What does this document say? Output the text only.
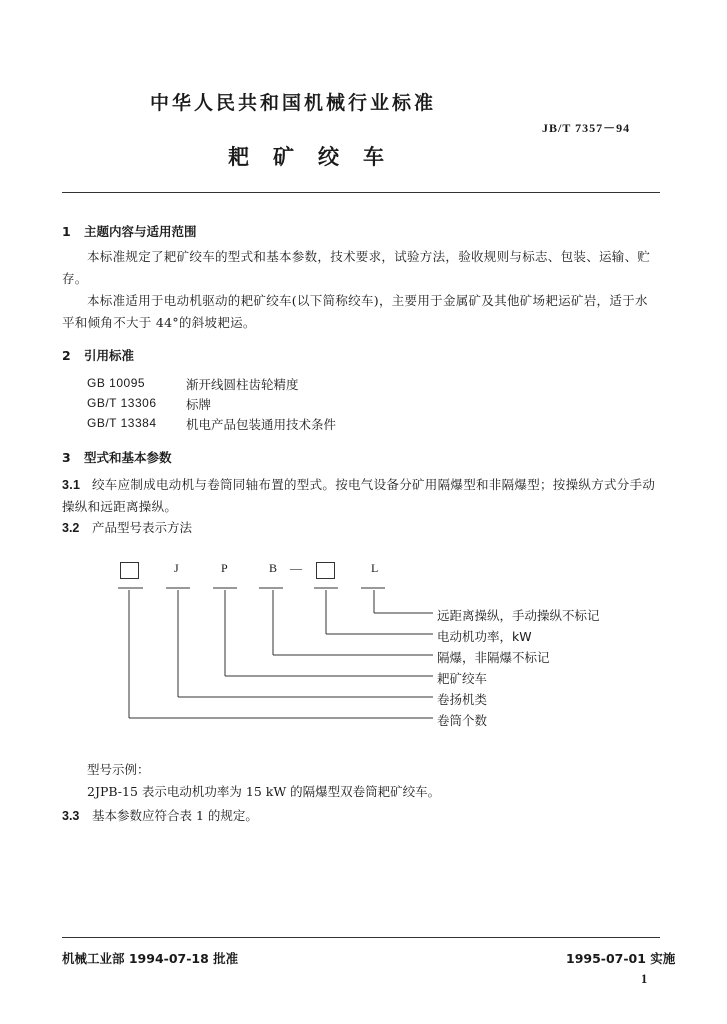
中华人民共和国机械行业标准
JB/T 7357－94
耙矿绞车
1 主题内容与适用范围
本标准规定了耙矿绞车的型式和基本参数，技术要求，试验方法，验收规则与标志、包装、运输、贮存。
本标准适用于电动机驱动的耙矿绞车(以下简称绞车)，主要用于金属矿及其他矿场耙运矿岩，适于水平和倾角不大于 44°的斜坡耙运。
2 引用标准
GB 10095	渐开线圆柱齿轮精度
GB/T 13306 标牌
GB/T 13384 机电产品包装通用技术条件
3 型式和基本参数
3.1 绞车应制成电动机与卷筒同轴布置的型式。按电气设备分矿用隔爆型和非隔爆型；按操纵方式分手动操纵和远距离操纵。
3.2 产品型号表示方法
J	P	B —	L
远距离操纵，手动操纵不标记
电动机功率，kW
隔爆，非隔爆不标记
耙矿绞车
卷扬机类
卷筒个数
型号示例：
2JPB-15 表示电动机功率为 15 kW 的隔爆型双卷筒耙矿绞车。
3.3 基本参数应符合表 1 的规定。
机械工业部 1994-07-18 批准	1995-07-01 实施
1
